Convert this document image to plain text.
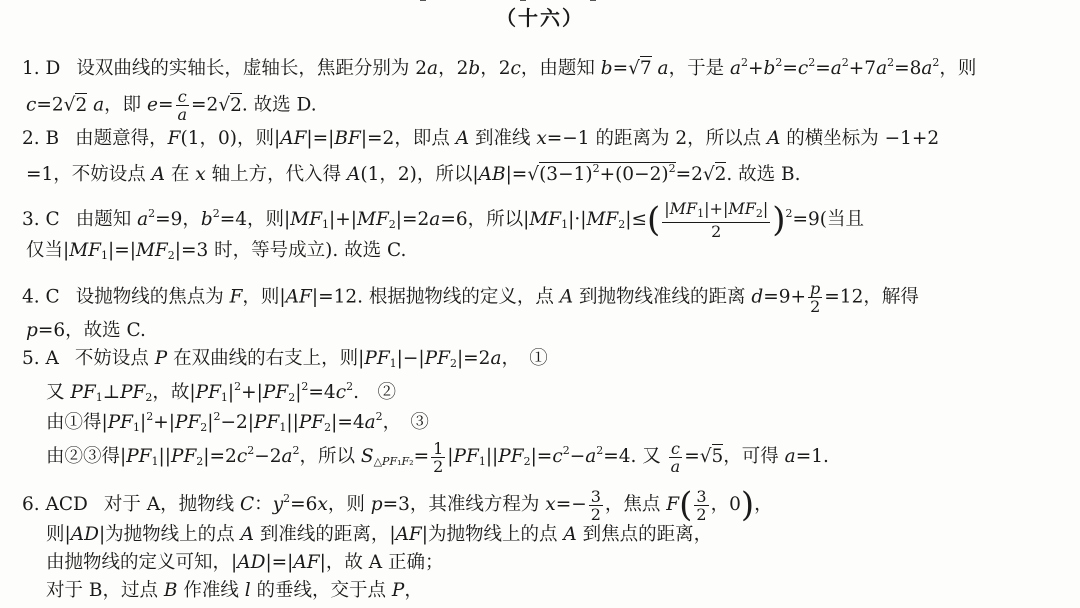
（十六）
1. D 设双曲线的实轴长，虚轴长，焦距分别为 2a，2b，2c，由题知 b=√7 a，于是 $a^2+b^2=c^2=a^2+7a^2=8a^2$，则
c=2√2 a，即 $e= \frac{c}{a} =2√2$. 故选 D.
2. B 由题意得，F(1，0)，则|AF|=|BF|=2，即点 A 到准线 x=−1 的距离为 2，所以点 A 的横坐标为 −1+2
=1，不妨设点 A 在 x 轴上方，代入得 A(1，2)，所以$|AB|=√(3-1)^2+(0-2)^2=2√2$. 故选 B.
3. C 由题知 $a^2=9$，$b^2=4$，则$|MF_1|+|MF_2|=2a=6$，所以$|MF_1|\cdot|MF_2|\le( \frac{|MF_1|+|MF_2|}{2} )^2=9$(当且
仅当$|MF_1|=|MF_2|=3$ 时，等号成立). 故选 C.
4. C 设抛物线的焦点为 F，则|AF|=12. 根据抛物线的定义，点 A 到抛物线准线的距离 $d=9+ \frac{p}{2} =12$，解得
p=6，故选 C.
5. A 不妨设点 P 在双曲线的右支上，则$|PF_1|-|PF_2|=2a$，　①
又 $PF_1\perp PF_2$，故$|PF_1|^2+|PF_2|^2=4c^2$.　②
由①得$|PF_1|^2+|PF_2|^2-2|PF_1||PF_2|=4a^2$，　③
由②③得$|PF_1||PF_2|=2c^2-2a^2$，所以 $S_{\triangle PF_1F_2}= \frac{1}{2} |PF_1||PF_2|=c^2-a^2=4$. 又 $\frac{c}{a} =√5$，可得 a=1.
6. ACD 对于 A，抛物线 C：$y^2=6x$，则 p=3，其准线方程为 $x=- \frac{3}{2}$ ，焦点 $F( \frac{3}{2}$ ，0)，
则|AD|为抛物线上的点 A 到准线的距离，|AF|为抛物线上的点 A 到焦点的距离，
由抛物线的定义可知，|AD|=|AF|，故 A 正确；
对于 B，过点 B 作准线 l 的垂线，交于点 P，
